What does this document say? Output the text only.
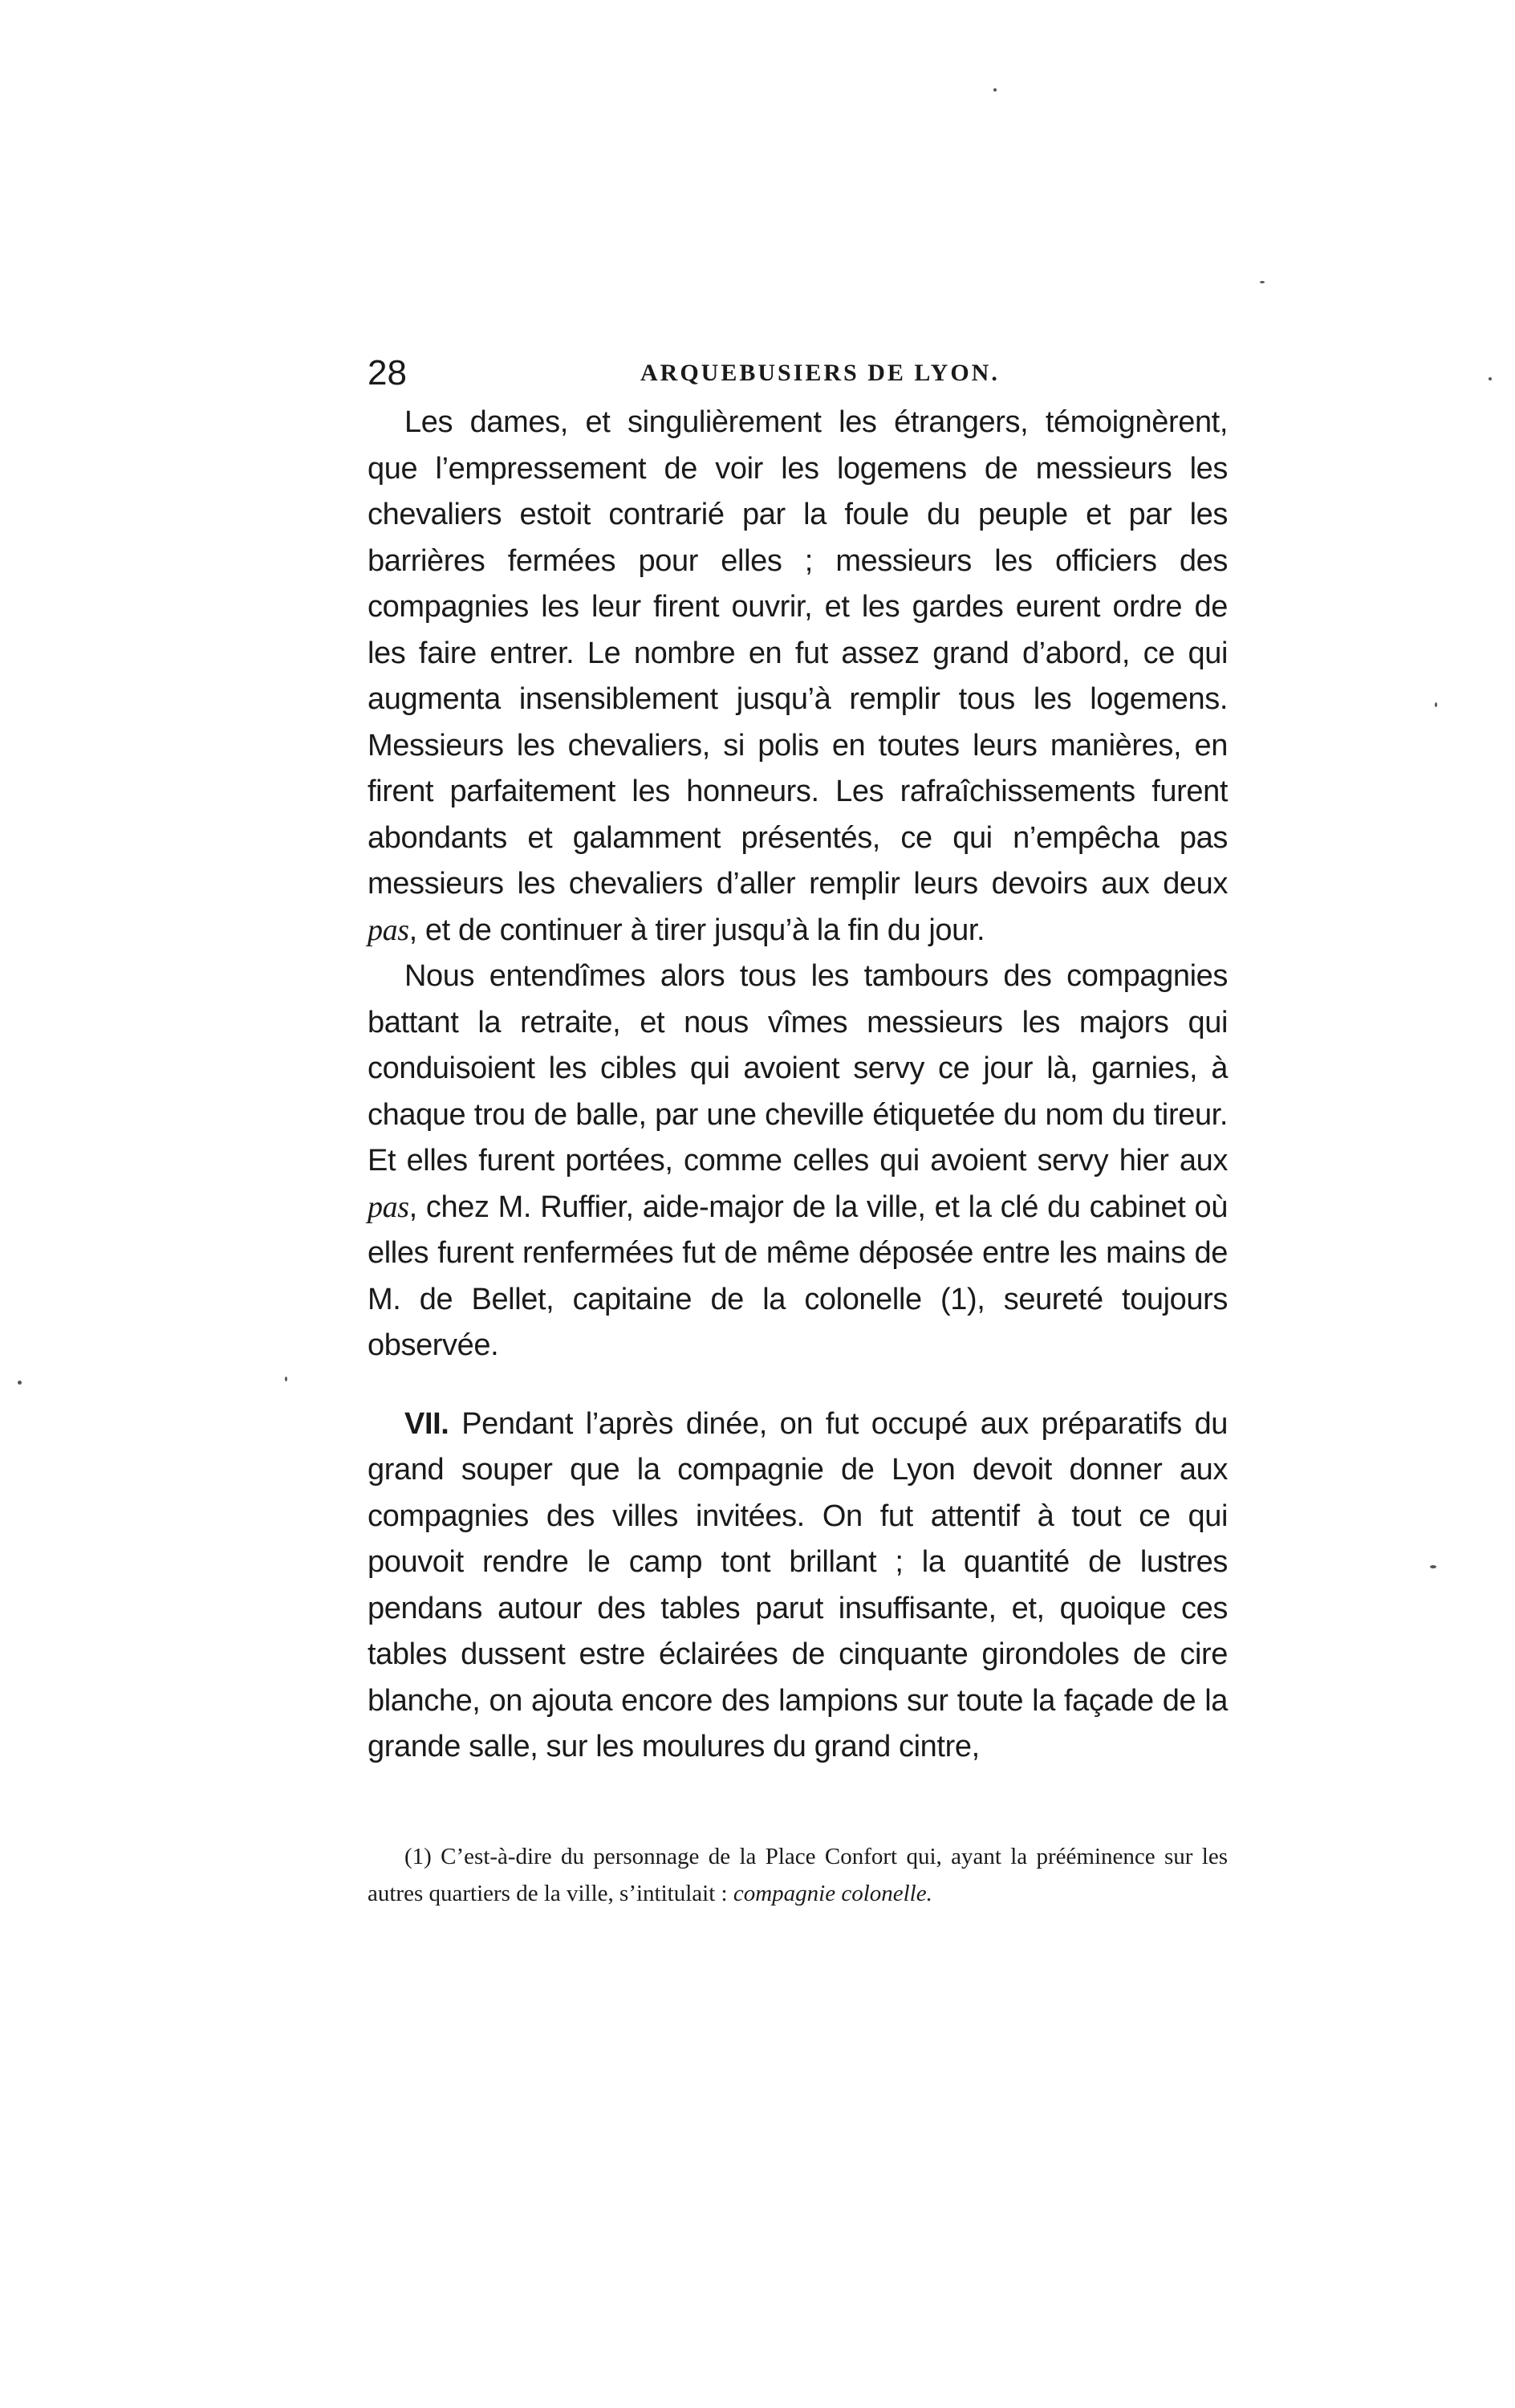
28	ARQUEBUSIERS DE LYON.

Les dames, et singulièrement les étrangers, témoignèrent, que l’empressement de voir les logemens de messieurs les chevaliers estoit contrarié par la foule du peuple et par les barrières fermées pour elles ; messieurs les officiers des compagnies les leur firent ouvrir, et les gardes eurent ordre de les faire entrer. Le nombre en fut assez grand d’abord, ce qui augmenta insensiblement jusqu’à remplir tous les logemens. Messieurs les chevaliers, si polis en toutes leurs manières, en firent parfaitement les honneurs. Les rafraîchissements furent abondants et galamment présentés, ce qui n’empêcha pas messieurs les chevaliers d’aller remplir leurs devoirs aux deux pas, et de continuer à tirer jusqu’à la fin du jour.

Nous entendîmes alors tous les tambours des compagnies battant la retraite, et nous vîmes messieurs les majors qui conduisoient les cibles qui avoient servy ce jour là, garnies, à chaque trou de balle, par une cheville étiquetée du nom du tireur. Et elles furent portées, comme celles qui avoient servy hier aux pas, chez M. Ruffier, aide-major de la ville, et la clé du cabinet où elles furent renfermées fut de même déposée entre les mains de M. de Bellet, capitaine de la colonelle (1), seureté toujours observée.

VII. Pendant l’après dinée, on fut occupé aux préparatifs du grand souper que la compagnie de Lyon devoit donner aux compagnies des villes invitées. On fut attentif à tout ce qui pouvoit rendre le camp tont brillant ; la quantité de lustres pendans autour des tables parut insuffisante, et, quoique ces tables dussent estre éclairées de cinquante girondoles de cire blanche, on ajouta encore des lampions sur toute la façade de la grande salle, sur les moulures du grand cintre,

(1) C’est-à-dire du personnage de la Place Confort qui, ayant la prééminence sur les autres quartiers de la ville, s’intitulait : compagnie colonelle.
